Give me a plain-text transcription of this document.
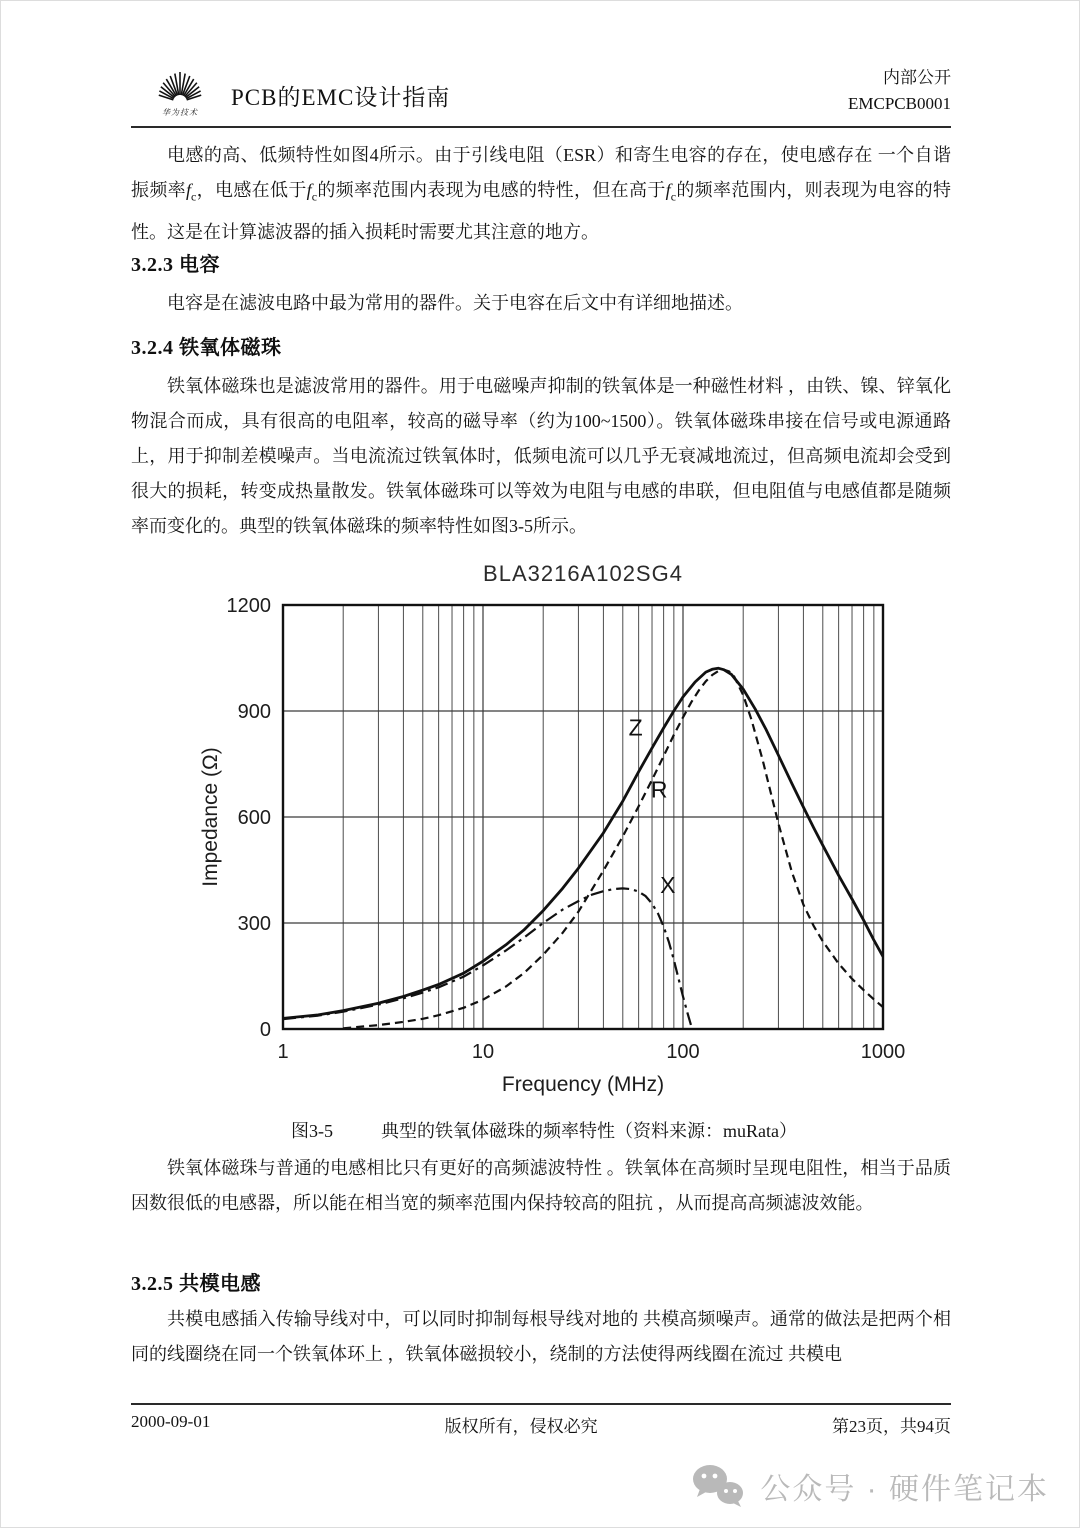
华为技术
PCB的EMC设计指南
内部公开
EMCPCB0001

电感的高、低频特性如图4所示。由于引线电阻（ESR）和寄生电容的存在，使电感存在 一个自谐振频率$f_c$，电感在低于$f_c$的频率范围内表现为电感的特性，但在高于$f_c$的频率范围内，则表现为电容的特性。这是在计算滤波器的插入损耗时需要尤其注意的地方。

3.2.3 电容

电容是在滤波电路中最为常用的器件。关于电容在后文中有详细地描述。

3.2.4 铁氧体磁珠

铁氧体磁珠也是滤波常用的器件。用于电磁噪声抑制的铁氧体是一种磁性材料 ，由铁、镍、锌氧化物混合而成，具有很高的电阻率，较高的磁导率（约为100~1500）。铁氧体磁珠串接在信号或电源通路上，用于抑制差模噪声。当电流流过铁氧体时，低频电流可以几乎无衰减地流过，但高频电流却会受到很大的损耗，转变成热量散发。铁氧体磁珠可以等效为电阻与电感的串联，但电阻值与电感值都是随频率而变化的。典型的铁氧体磁珠的频率特性如图3-5所示。

Z
R
X
BLA3216A102SG4
0
300
600
900
1200
1	10	100	1000
Frequency (MHz)
Impedance (Ω)
图3-5	典型的铁氧体磁珠的频率特性（资料来源：muRata）

铁氧体磁珠与普通的电感相比只有更好的高频滤波特性 。铁氧体在高频时呈现电阻性，相当于品质因数很低的电感器，所以能在相当宽的频率范围内保持较高的阻抗 ，从而提高高频滤波效能。

3.2.5 共模电感

共模电感插入传输导线对中，可以同时抑制每根导线对地的 共模高频噪声。通常的做法是把两个相同的线圈绕在同一个铁氧体环上 ，铁氧体磁损较小，绕制的方法使得两线圈在流过 共模电

2000-09-01	版权所有，侵权必究	第23页，共94页
公众号 · 硬件笔记本
